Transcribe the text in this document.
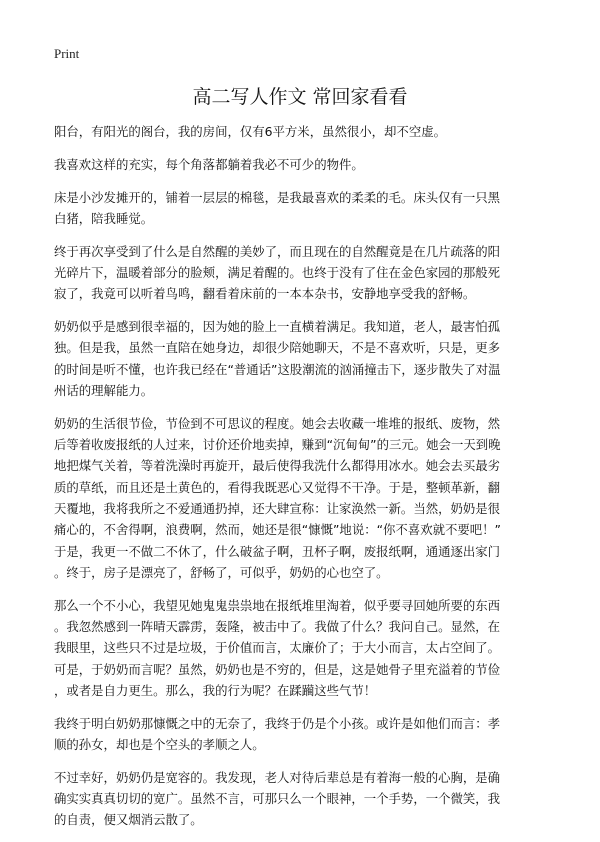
Print
高二写人作文 常回家看看

阳台，有阳光的阁台，我的房间，仅有6平方米，虽然很小，却不空虚。

我喜欢这样的充实，每个角落都躺着我必不可少的物件。

床是小沙发摊开的，铺着一层层的棉毯，是我最喜欢的柔柔的毛。床头仅有一只黑
白猪，陪我睡觉。

终于再次享受到了什么是自然醒的美妙了，而且现在的自然醒竟是在几片疏落的阳
光碎片下，温暖着部分的脸颊，满足着醒的。也终于没有了住在金色家园的那般死
寂了，我竟可以听着鸟鸣，翻看着床前的一本本杂书，安静地享受我的舒畅。

奶奶似乎是感到很幸福的，因为她的脸上一直横着满足。我知道，老人，最害怕孤
独。但是我，虽然一直陪在她身边，却很少陪她聊天，不是不喜欢听，只是，更多
的时间是听不懂，也许我已经在“普通话”这股潮流的汹涌撞击下，逐步散失了对温
州话的理解能力。

奶奶的生活很节俭，节俭到不可思议的程度。她会去收藏一堆堆的报纸、废物，然
后等着收废报纸的人过来，讨价还价地卖掉，赚到“沉甸甸”的三元。她会一天到晚
地把煤气关着，等着洗澡时再旋开，最后使得我洗什么都得用冰水。她会去买最劣
质的草纸，而且还是土黄色的，看得我既恶心又觉得不干净。于是，整顿革新，翻
天覆地，我将我所之不爱通通扔掉，还大肆宣称：让家涣然一新。当然，奶奶是很
痛心的，不舍得啊，浪费啊，然而，她还是很“慷慨”地说：“你不喜欢就不要吧！”
于是，我更一不做二不休了，什么破盆子啊，丑杯子啊，废报纸啊，通通逐出家门
。终于，房子是漂亮了，舒畅了，可似乎，奶奶的心也空了。

那么一个不小心，我望见她鬼鬼祟祟地在报纸堆里淘着，似乎要寻回她所要的东西
。我忽然感到一阵晴天霹雳，轰隆，被击中了。我做了什么？我问自己。显然，在
我眼里，这些只不过是垃圾，于价值而言，太廉价了；于大小而言，太占空间了。
可是，于奶奶而言呢？虽然，奶奶也是不穷的，但是，这是她骨子里充溢着的节俭
，或者是自力更生。那么，我的行为呢？在蹂躏这些气节！

我终于明白奶奶那慷慨之中的无奈了，我终于仍是个小孩。或许是如他们而言：孝
顺的孙女，却也是个空头的孝顺之人。

不过幸好，奶奶仍是宽容的。我发现，老人对待后辈总是有着海一般的心胸，是确
确实实真真切切的宽广。虽然不言，可那只么一个眼神，一个手势，一个微笑，我
的自责，便又烟消云散了。
